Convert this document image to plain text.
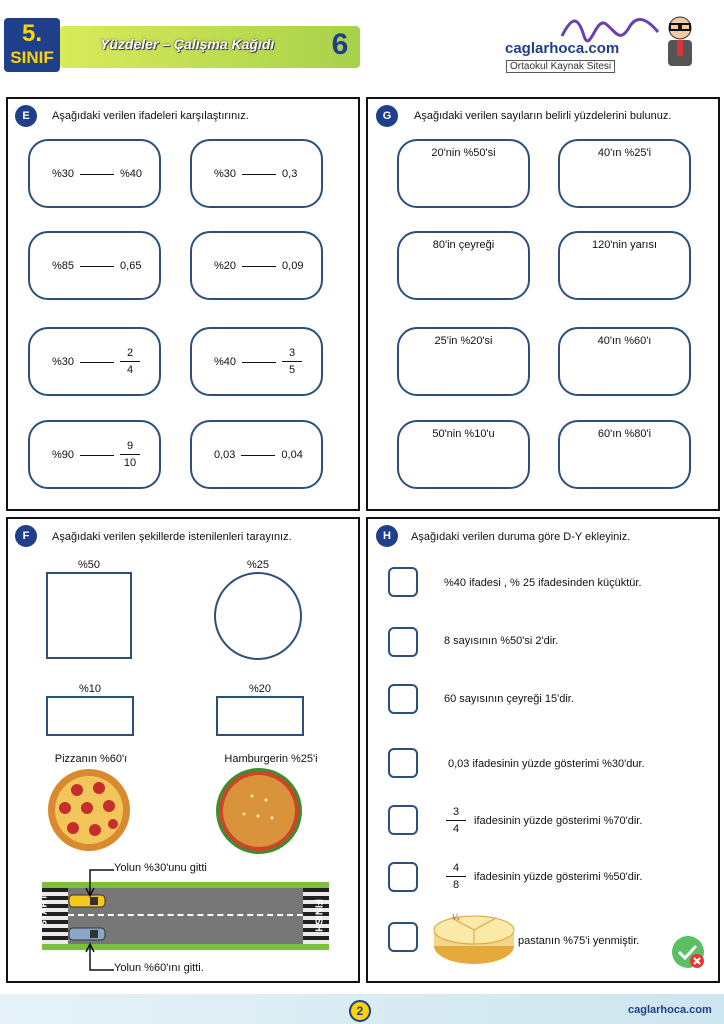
5.
SINIF
Yüzdeler – Çalışma Kağıdı 6	caglarhoca.com
Ortaokul Kaynak Sitesi
E	Aşağıdaki verilen ifadeleri karşılaştırınız.
%30	%40	%30	0,3
%85	0,65	%20	0,09
%30	$\frac{2}{4}$	%40	$\frac{3}{5}$
%90	$\frac{9}{10}$	0,03	0,04
G	Aşağıdaki verilen sayıların belirli yüzdelerini bulunuz.
20'nin %50'si	40'ın %25'i
80'in çeyreği	120'nin yarısı
25'in %20'si	40'ın %60'ı
50'nin %10'u	60'ın %80'i
F	Aşağıdaki verilen şekillerde istenilenleri tarayınız.
%50	%25
%10	%20
Pizzanın %60'ı	Hamburgerin %25'i
START	FINISH
Yolun %30'unu gitti
Yolun %60'ını gitti.
H	Aşağıdaki verilen duruma göre D-Y ekleyiniz.
%40 ifadesi , % 25 ifadesinden küçüktür.
8 sayısının %50'si 2'dir.
60 sayısının çeyreği 15'dir.
0,03 ifadesinin yüzde gösterimi %30'dur.
3
4
ifadesinin yüzde gösterimi %70'dir.
4
8
ifadesinin yüzde gösterimi %50'dir.
¼
pastanın %75'i yenmiştir.
2	caglarhoca.com
